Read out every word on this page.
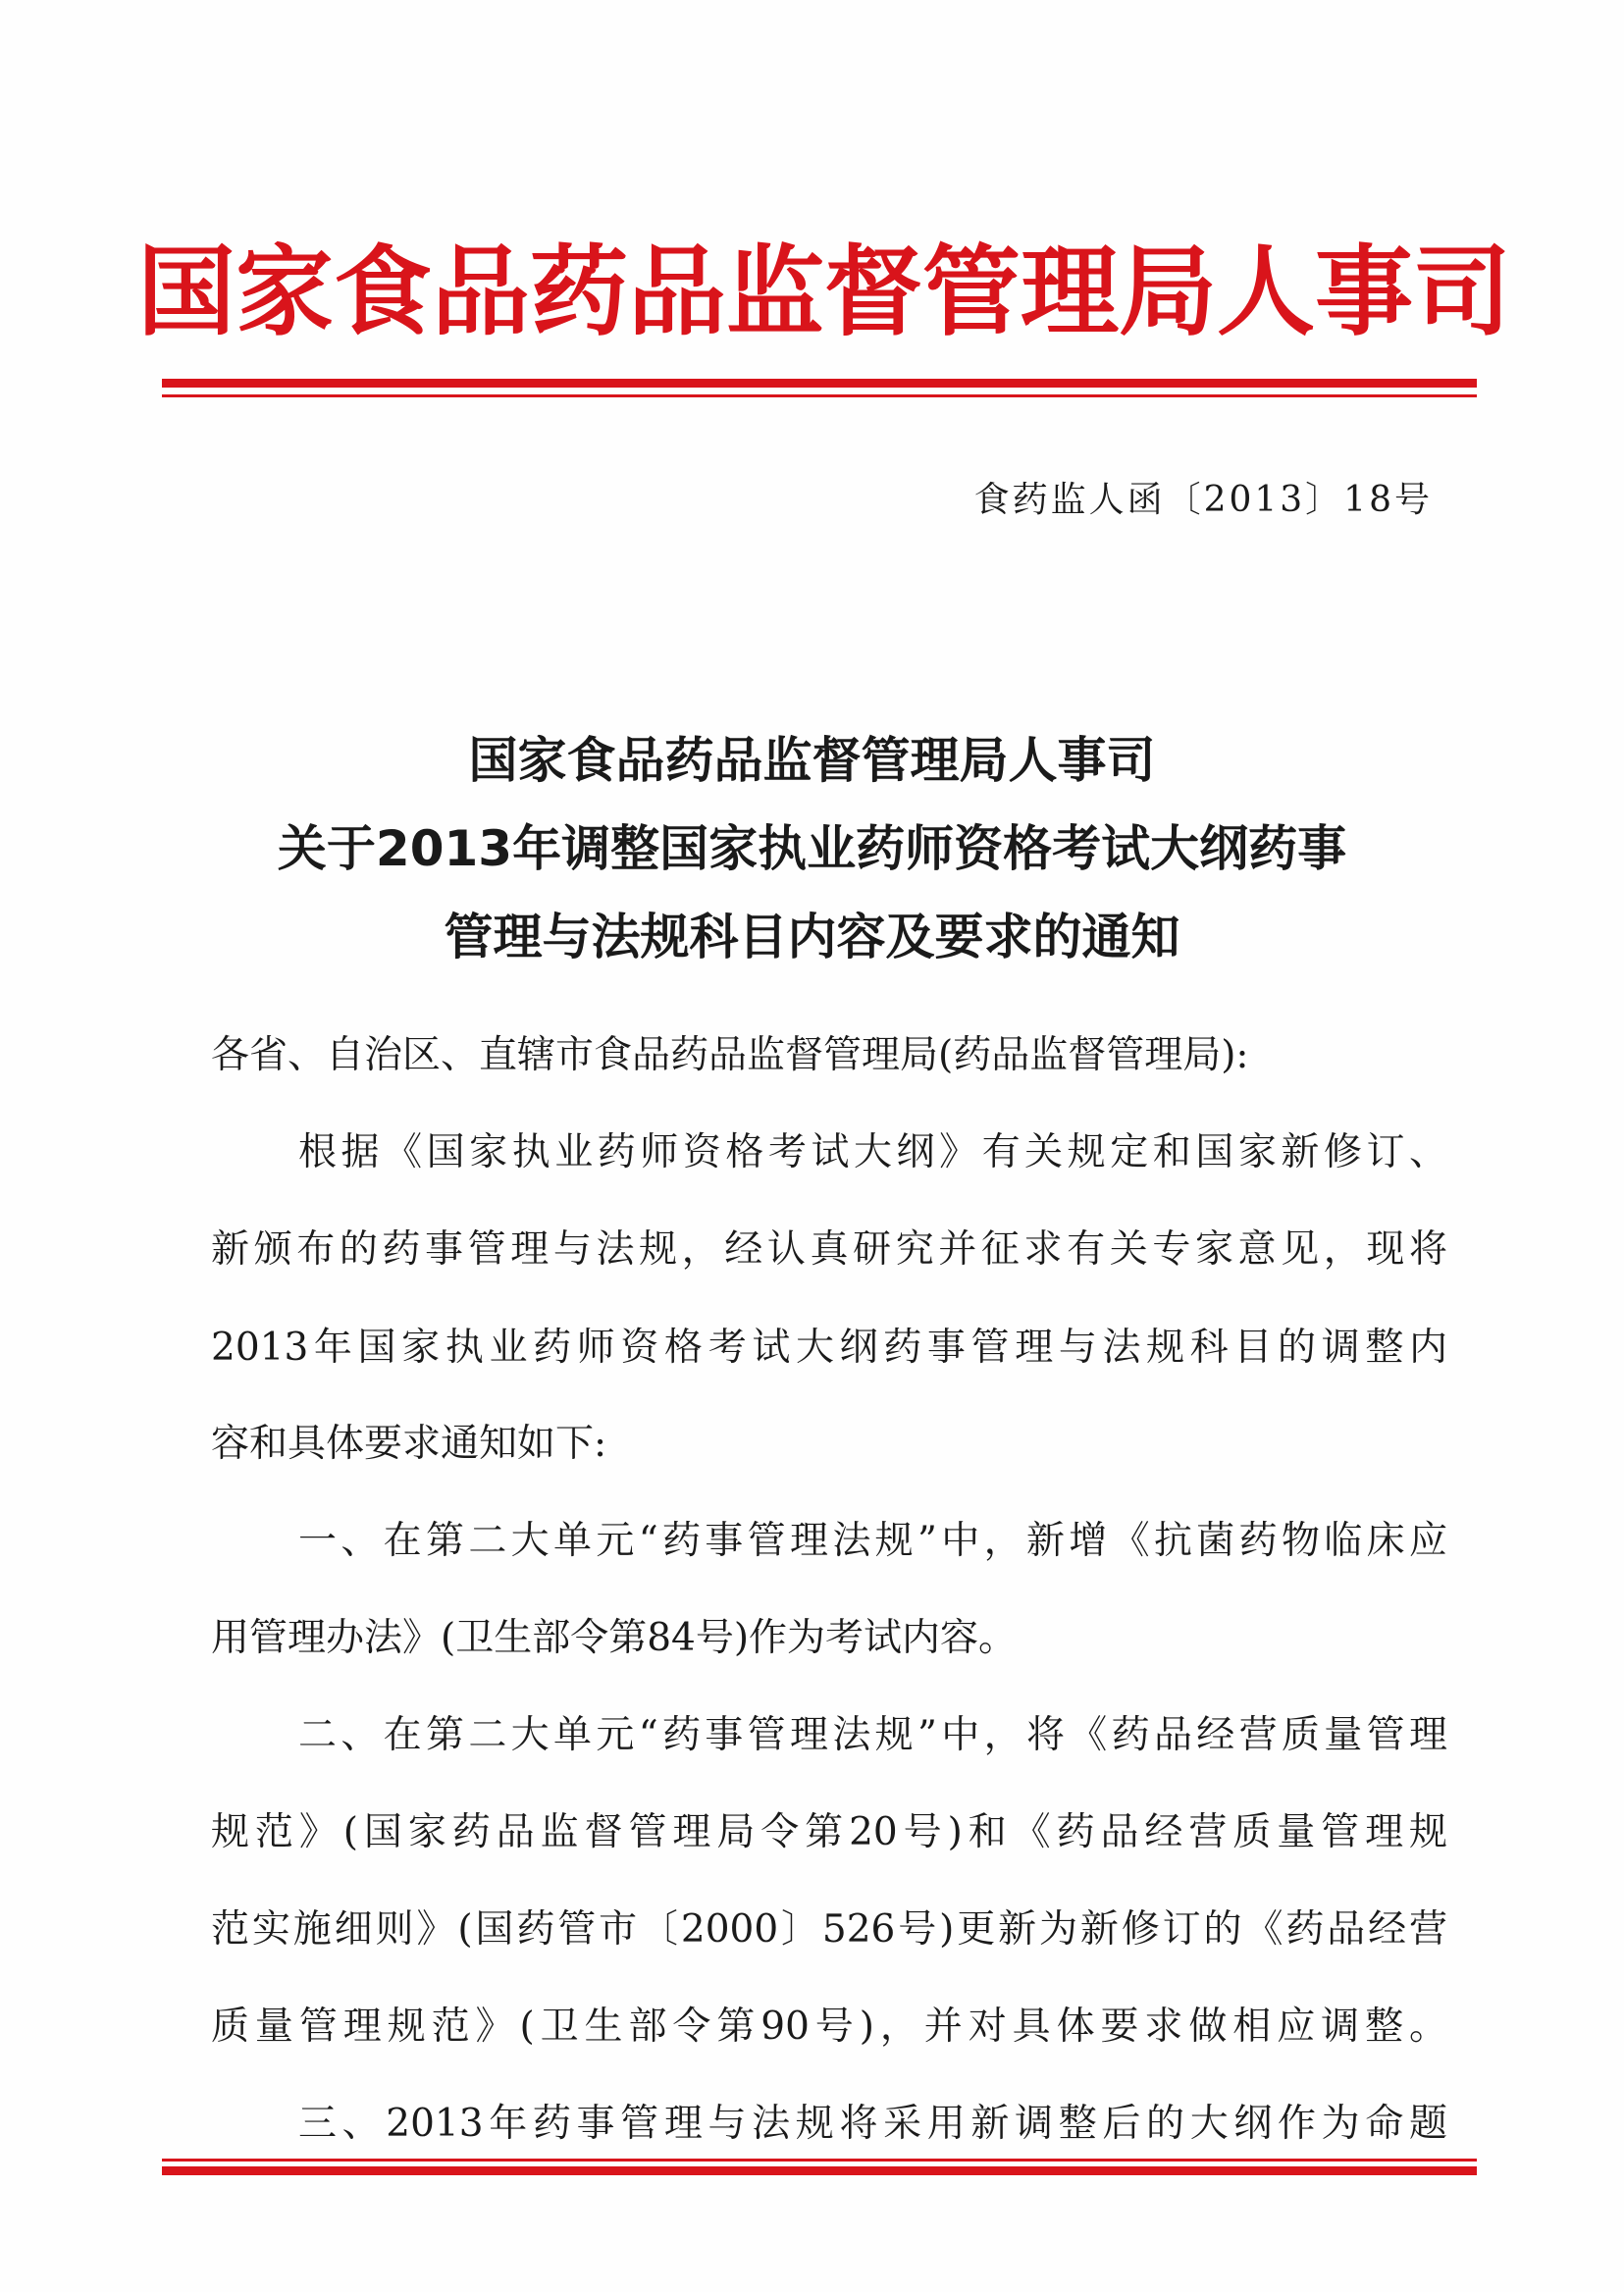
国家食品药品监督管理局人事司
食药监人函〔2013〕18号
国家食品药品监督管理局人事司
关于2013年调整国家执业药师资格考试大纲药事
管理与法规科目内容及要求的通知
各省、自治区、直辖市食品药品监督管理局(药品监督管理局):
根据《国家执业药师资格考试大纲》有关规定和国家新修订、
新颁布的药事管理与法规，经认真研究并征求有关专家意见，现将
2013年国家执业药师资格考试大纲药事管理与法规科目的调整内
容和具体要求通知如下:
一、在第二大单元“药事管理法规”中，新增《抗菌药物临床应
用管理办法》(卫生部令第84号)作为考试内容。
二、在第二大单元“药事管理法规”中，将《药品经营质量管理
规范》(国家药品监督管理局令第20号)和《药品经营质量管理规
范实施细则》(国药管市〔2000〕526号)更新为新修订的《药品经营
质量管理规范》(卫生部令第90号)，并对具体要求做相应调整。
三、2013年药事管理与法规将采用新调整后的大纲作为命题
